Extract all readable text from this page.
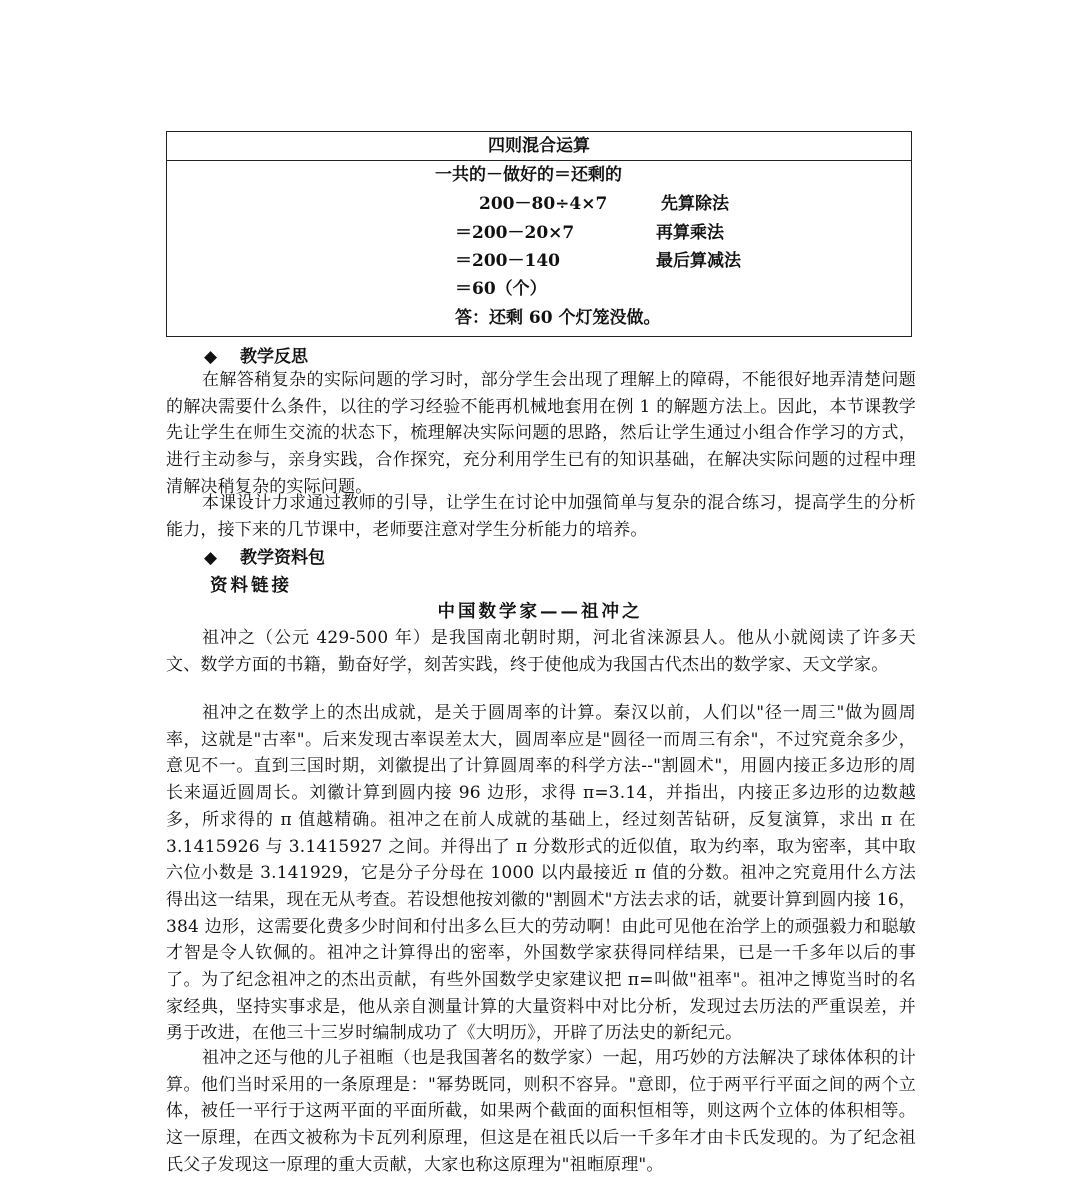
四则混合运算
一共的－做好的＝还剩的
200－80÷4×7	先算除法
＝200－20×7	再算乘法
＝200－140	最后算减法
＝60（个）
答：还剩 60 个灯笼没做。
◆ 教学反思
在解答稍复杂的实际问题的学习时，部分学生会出现了理解上的障碍，不能很好地弄清楚问题的解决需要什么条件，以往的学习经验不能再机械地套用在例 1 的解题方法上。因此，本节课教学先让学生在师生交流的状态下，梳理解决实际问题的思路，然后让学生通过小组合作学习的方式，进行主动参与，亲身实践，合作探究，充分利用学生已有的知识基础，在解决实际问题的过程中理清解决稍复杂的实际问题。
本课设计力求通过教师的引导，让学生在讨论中加强简单与复杂的混合练习，提高学生的分析能力，接下来的几节课中，老师要注意对学生分析能力的培养。
◆ 教学资料包
资料链接
中国数学家——祖冲之
祖冲之（公元 429-500 年）是我国南北朝时期，河北省涞源县人。他从小就阅读了许多天文、数学方面的书籍，勤奋好学，刻苦实践，终于使他成为我国古代杰出的数学家、天文学家。
祖冲之在数学上的杰出成就，是关于圆周率的计算。秦汉以前，人们以"径一周三"做为圆周率，这就是"古率"。后来发现古率误差太大，圆周率应是"圆径一而周三有余"，不过究竟余多少，意见不一。直到三国时期，刘徽提出了计算圆周率的科学方法--"割圆术"，用圆内接正多边形的周长来逼近圆周长。刘徽计算到圆内接 96 边形，求得 π=3.14，并指出，内接正多边形的边数越多，所求得的 π 值越精确。祖冲之在前人成就的基础上，经过刻苦钻研，反复演算，求出 π 在 3.1415926 与 3.1415927 之间。并得出了 π 分数形式的近似值，取为约率，取为密率，其中取六位小数是 3.141929，它是分子分母在 1000 以内最接近 π 值的分数。祖冲之究竟用什么方法得出这一结果，现在无从考查。若设想他按刘徽的"割圆术"方法去求的话，就要计算到圆内接 16，384 边形，这需要化费多少时间和付出多么巨大的劳动啊！由此可见他在治学上的顽强毅力和聪敏才智是令人钦佩的。祖冲之计算得出的密率，外国数学家获得同样结果，已是一千多年以后的事了。为了纪念祖冲之的杰出贡献，有些外国数学史家建议把 π=叫做"祖率"。祖冲之博览当时的名家经典，坚持实事求是，他从亲自测量计算的大量资料中对比分析，发现过去历法的严重误差，并勇于改进，在他三十三岁时编制成功了《大明历》，开辟了历法史的新纪元。
祖冲之还与他的儿子祖暅（也是我国著名的数学家）一起，用巧妙的方法解决了球体体积的计算。他们当时采用的一条原理是："幂势既同，则积不容异。"意即，位于两平行平面之间的两个立体，被任一平行于这两平面的平面所截，如果两个截面的面积恒相等，则这两个立体的体积相等。这一原理，在西文被称为卡瓦列利原理，但这是在祖氏以后一千多年才由卡氏发现的。为了纪念祖氏父子发现这一原理的重大贡献，大家也称这原理为"祖暅原理"。
